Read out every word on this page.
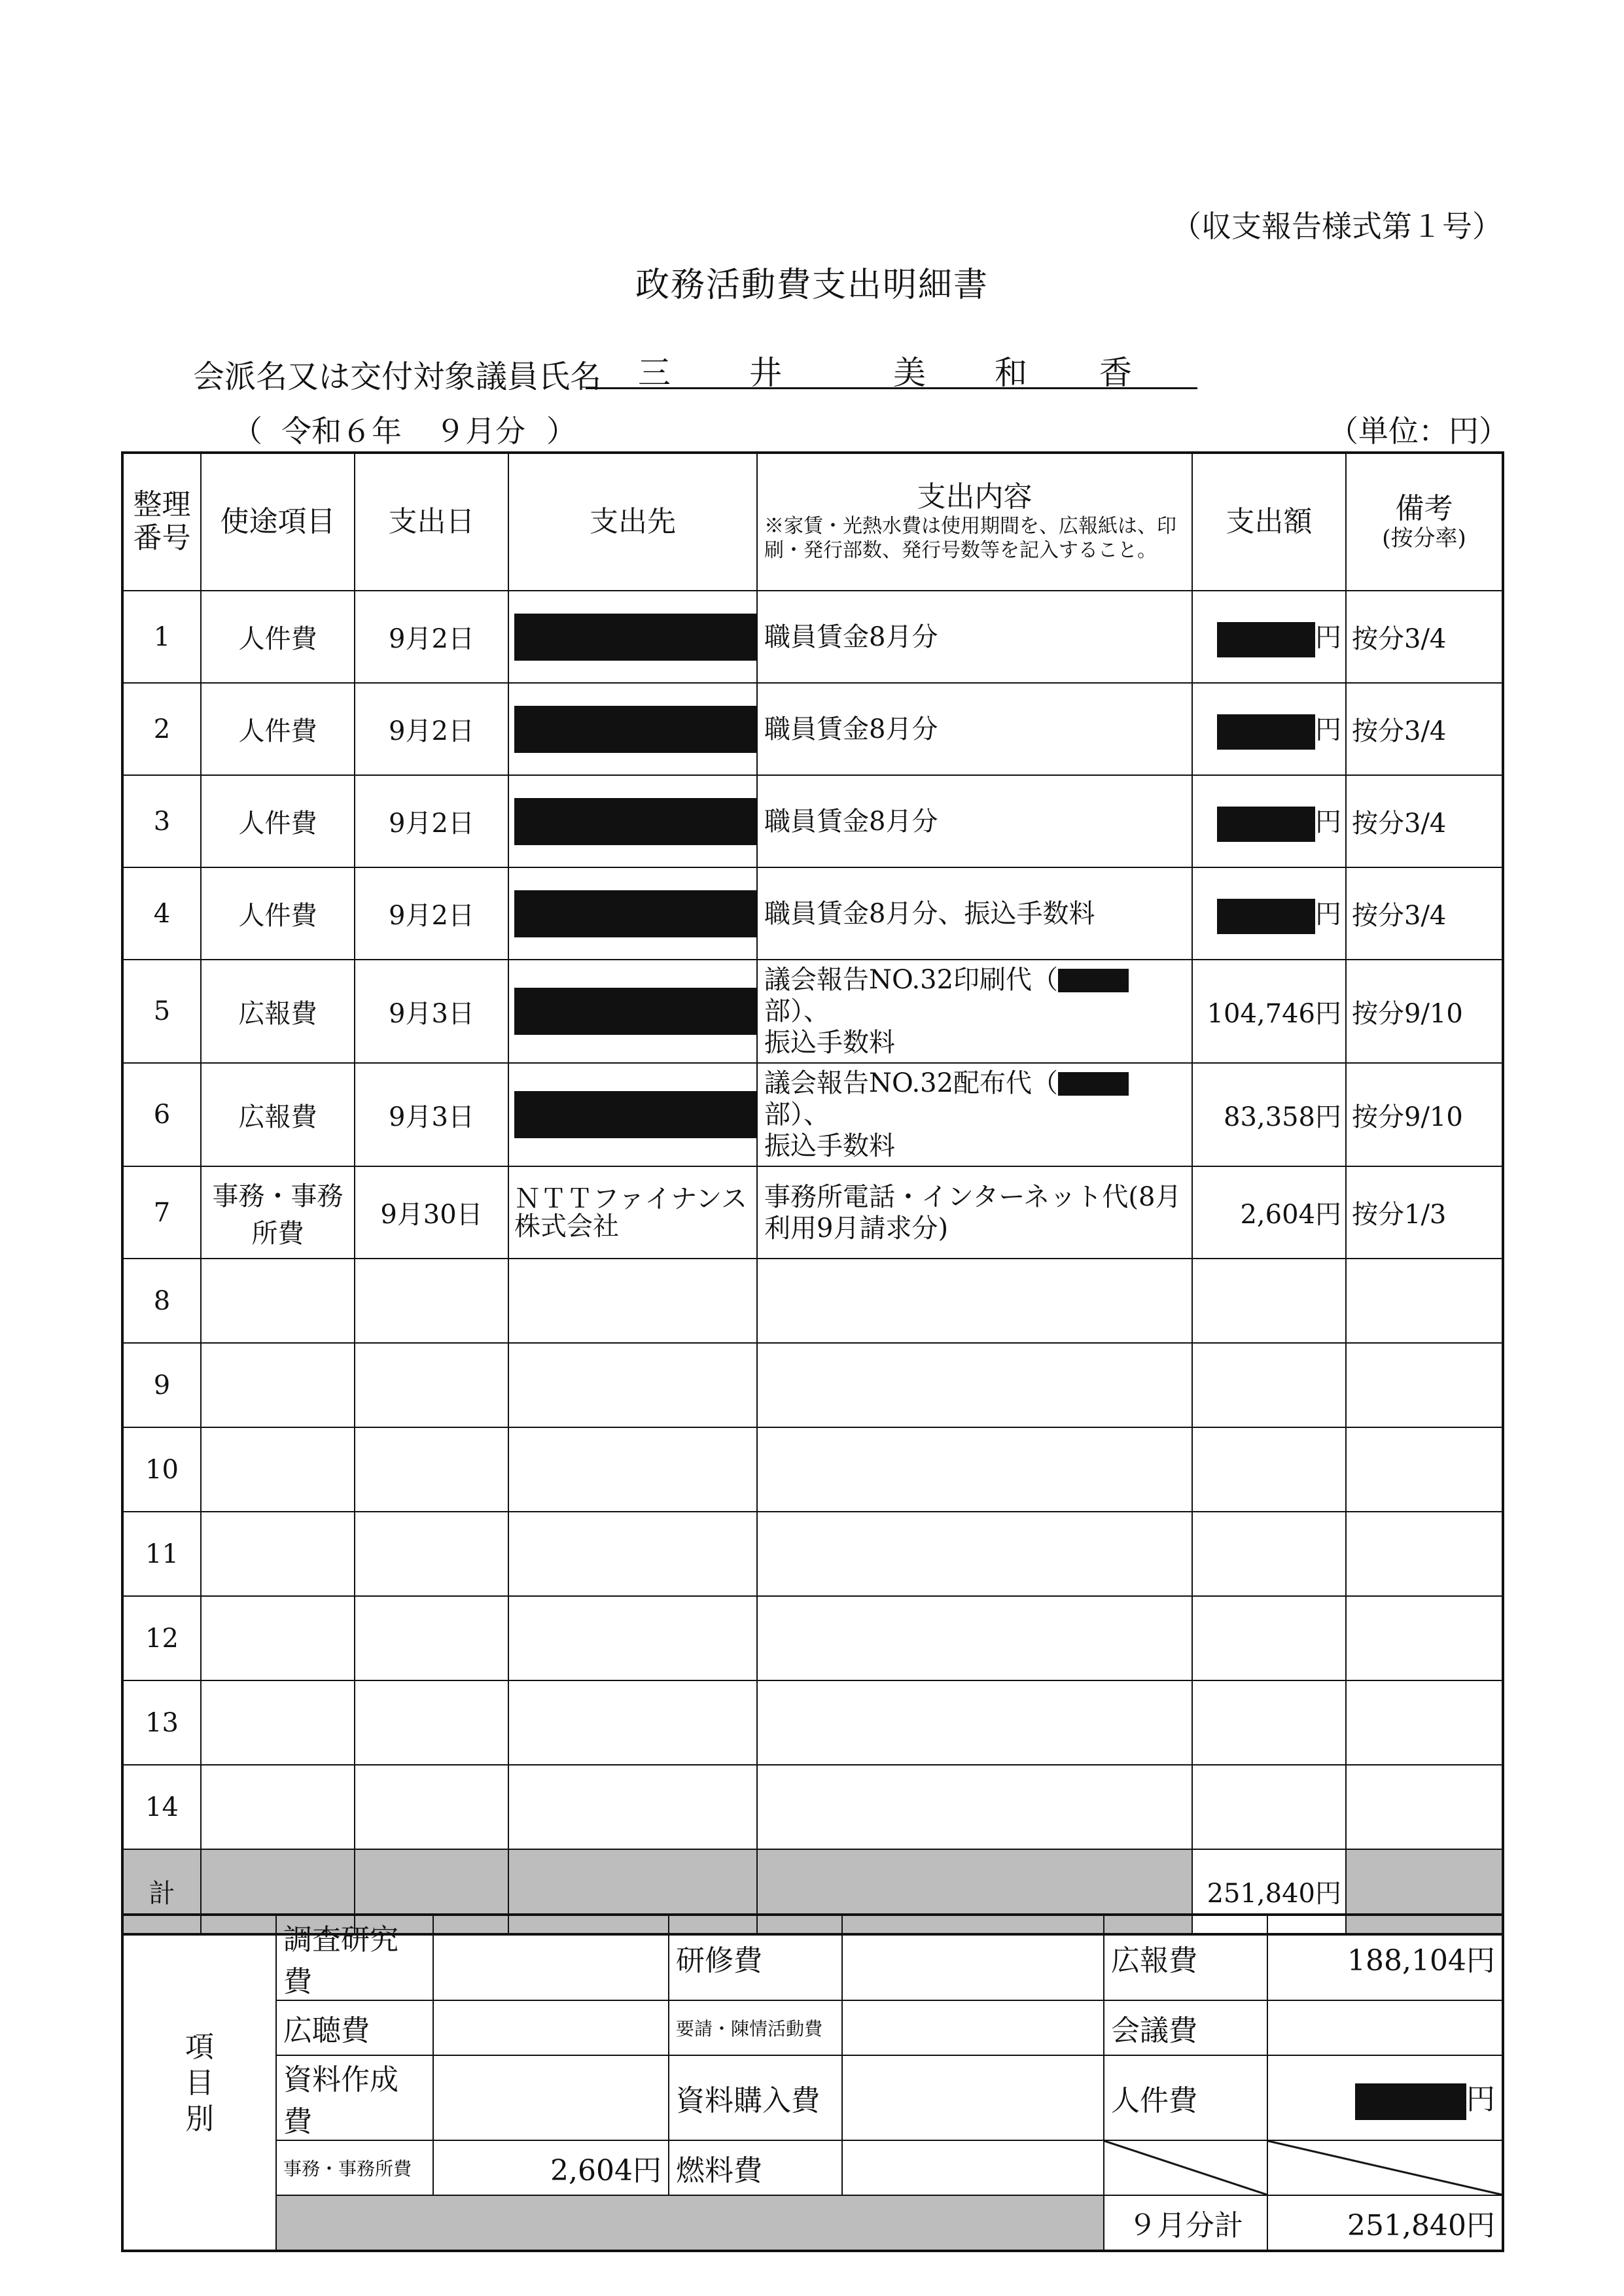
（収支報告様式第１号）
政務活動費支出明細書
会派名又は交付対象議員氏名 三 井	美 和 香
（ 令和６年 ９月分 ）	（単位：円）
整理番号	使途項目	支出日	支出先	支出内容
※家賃・光熱水費は使用期間を、広報紙は、印刷・発行部数、発行号数等を記入すること。	支出額	備考
(按分率)

1	人件費	9月2日		職員賃金8月分	円	按分3/4
2	人件費	9月2日		職員賃金8月分	円	按分3/4
3	人件費	9月2日		職員賃金8月分	円	按分3/4
4	人件費	9月2日		職員賃金8月分、振込手数料	円	按分3/4
5	広報費	9月3日		議会報告NO.32印刷代（部）、
振込手数料	104,746円	按分9/10
6	広報費	9月3日		議会報告NO.32配布代（部）、
振込手数料	83,358円	按分9/10
7	事務・事務所費	9月30日	ＮＴＴファイナンス株式会社	事務所電話・インターネット代(8月利用9月請求分)	2,604円	按分1/3
8						
9						
10						
11						
12						
13						
14						
計					251,840円	
項目別	調査研究費		研修費		広報費	188,104円
	広聴費		要請・陳情活動費		会議費	
	資料作成費		資料購入費		人件費	円
	事務・事務所費	2,604円	燃料費			
					９月分計	251,840円
